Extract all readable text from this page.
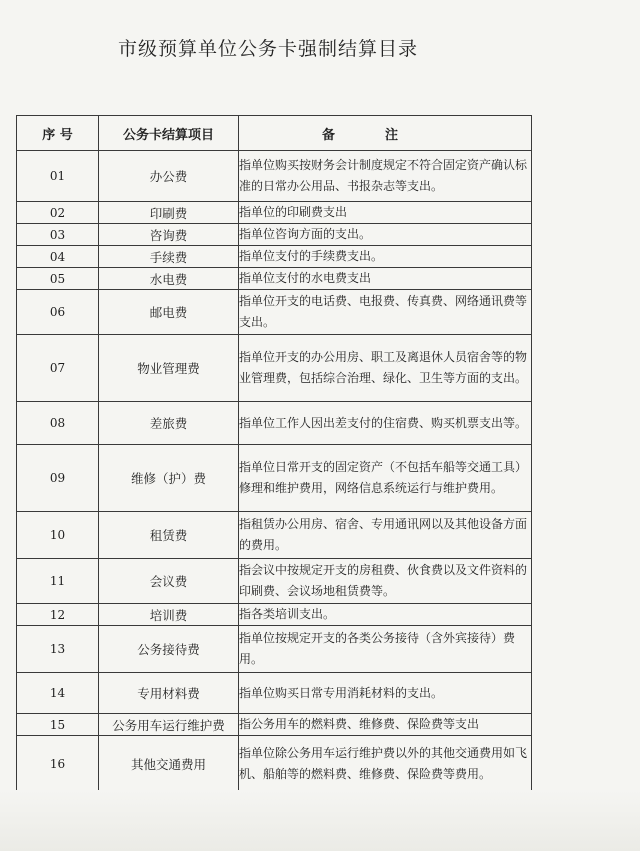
市级预算单位公务卡强制结算目录
序 号	公务卡结算项目	备注
01	办公费	指单位购买按财务会计制度规定不符合固定资产确认标准的日常办公用品、书报杂志等支出。
02	印刷费	指单位的印刷费支出
03	咨询费	指单位咨询方面的支出。
04	手续费	指单位支付的手续费支出。
05	水电费	指单位支付的水电费支出
06	邮电费	指单位开支的电话费、电报费、传真费、网络通讯费等支出。
07	物业管理费	指单位开支的办公用房、职工及离退休人员宿舍等的物业管理费，包括综合治理、绿化、卫生等方面的支出。
08	差旅费	指单位工作人因出差支付的住宿费、购买机票支出等。
09	维修（护）费	指单位日常开支的固定资产（不包括车船等交通工具）修理和维护费用，网络信息系统运行与维护费用。
10	租赁费	指租赁办公用房、宿舍、专用通讯网以及其他设备方面的费用。
11	会议费	指会议中按规定开支的房租费、伙食费以及文件资料的印刷费、会议场地租赁费等。
12	培训费	指各类培训支出。
13	公务接待费	指单位按规定开支的各类公务接待（含外宾接待）费用。
14	专用材料费	指单位购买日常专用消耗材料的支出。
15	公务用车运行维护费	指公务用车的燃料费、维修费、保险费等支出
16	其他交通费用	指单位除公务用车运行维护费以外的其他交通费用如飞机、船舶等的燃料费、维修费、保险费等费用。
